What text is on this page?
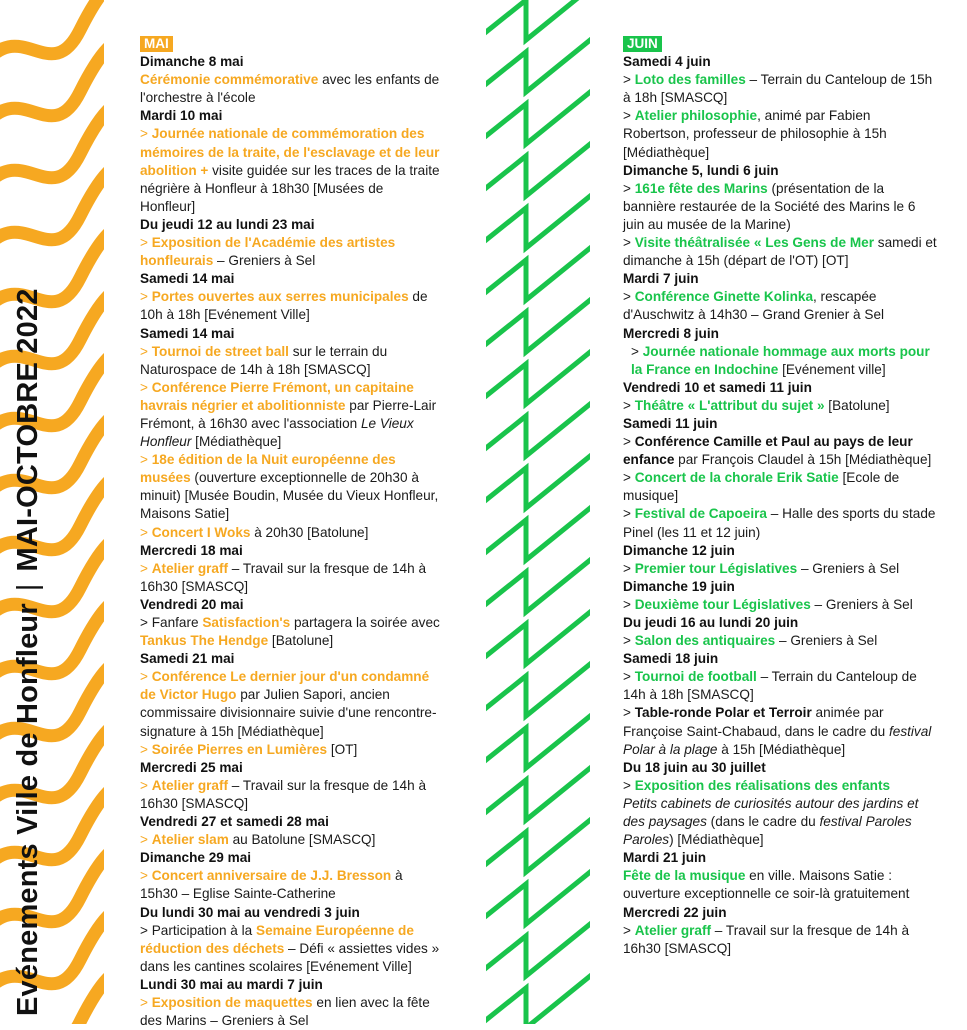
Evénements Ville de Honfleur|MAI-OCTOBRE 2022
MAI
Dimanche 8 mai

Cérémonie commémorative avec les enfants de l'orchestre à l'école

Mardi 10 mai

> Journée nationale de commémoration des mémoires de la traite, de l'esclavage et de leur abolition + visite guidée sur les traces de la traite négrière à Honfleur à 18h30 [Musées de Honfleur]

Du jeudi 12 au lundi 23 mai

> Exposition de l'Académie des artistes honfleurais – Greniers à Sel

Samedi 14 mai

> Portes ouvertes aux serres municipales de 10h à 18h [Evénement Ville]

Samedi 14 mai

> Tournoi de street ball sur le terrain du Naturospace de 14h à 18h [SMASCQ]

> Conférence Pierre Frémont, un capitaine havrais négrier et abolitionniste par Pierre-Lair Frémont, à 16h30 avec l'association Le Vieux Honfleur [Médiathèque]

> 18e édition de la Nuit européenne des musées (ouverture exceptionnelle de 20h30 à minuit) [Musée Boudin, Musée du Vieux Honfleur, Maisons Satie]

> Concert I Woks à 20h30 [Batolune]

Mercredi 18 mai

> Atelier graff – Travail sur la fresque de 14h à 16h30 [SMASCQ]

Vendredi 20 mai

> Fanfare Satisfaction's partagera la soirée avec Tankus The Hendge [Batolune]

Samedi 21 mai

> Conférence Le dernier jour d'un condamné de Victor Hugo par Julien Sapori, ancien commissaire divisionnaire suivie d'une rencontre-signature à 15h [Médiathèque]

> Soirée Pierres en Lumières [OT]

Mercredi 25 mai

> Atelier graff – Travail sur la fresque de 14h à 16h30 [SMASCQ]

Vendredi 27 et samedi 28 mai

> Atelier slam au Batolune [SMASCQ]

Dimanche 29 mai

> Concert anniversaire de J.J. Bresson à 15h30 – Eglise Sainte-Catherine

Du lundi 30 mai au vendredi 3 juin

> Participation à la Semaine Européenne de réduction des déchets – Défi « assiettes vides » dans les cantines scolaires [Evénement Ville]

Lundi 30 mai au mardi 7 juin

> Exposition de maquettes en lien avec la fête des Marins – Greniers à Sel

JUIN
Samedi 4 juin

> Loto des familles – Terrain du Canteloup de 15h à 18h [SMASCQ]

> Atelier philosophie, animé par Fabien Robertson, professeur de philosophie à 15h [Médiathèque]

Dimanche 5, lundi 6 juin

> 161e fête des Marins (présentation de la bannière restaurée de la Société des Marins le 6 juin au musée de la Marine)

> Visite théâtralisée « Les Gens de Mer samedi et dimanche à 15h (départ de l'OT) [OT]

Mardi 7 juin

> Conférence Ginette Kolinka, rescapée d'Auschwitz à 14h30 – Grand Grenier à Sel

Mercredi 8 juin

> Journée nationale hommage aux morts pour la France en Indochine [Evénement ville]

Vendredi 10 et samedi 11 juin

> Théâtre « L'attribut du sujet » [Batolune]

Samedi 11 juin

> Conférence Camille et Paul au pays de leur enfance par François Claudel à 15h [Médiathèque]

> Concert de la chorale Erik Satie [Ecole de musique]

> Festival de Capoeira – Halle des sports du stade Pinel (les 11 et 12 juin)

Dimanche 12 juin

> Premier tour Législatives – Greniers à Sel

Dimanche 19 juin

> Deuxième tour Législatives – Greniers à Sel

Du jeudi 16 au lundi 20 juin

> Salon des antiquaires – Greniers à Sel

Samedi 18 juin

> Tournoi de football – Terrain du Canteloup de 14h à 18h [SMASCQ]

> Table-ronde Polar et Terroir animée par Françoise Saint-Chabaud, dans le cadre du festival Polar à la plage à 15h [Médiathèque]

Du 18 juin au 30 juillet

> Exposition des réalisations des enfants

Petits cabinets de curiosités autour des jardins et des paysages (dans le cadre du festival Paroles Paroles) [Médiathèque]

Mardi 21 juin

Fête de la musique en ville. Maisons Satie : ouverture exceptionnelle ce soir-là gratuitement

Mercredi 22 juin

> Atelier graff – Travail sur la fresque de 14h à 16h30 [SMASCQ]
